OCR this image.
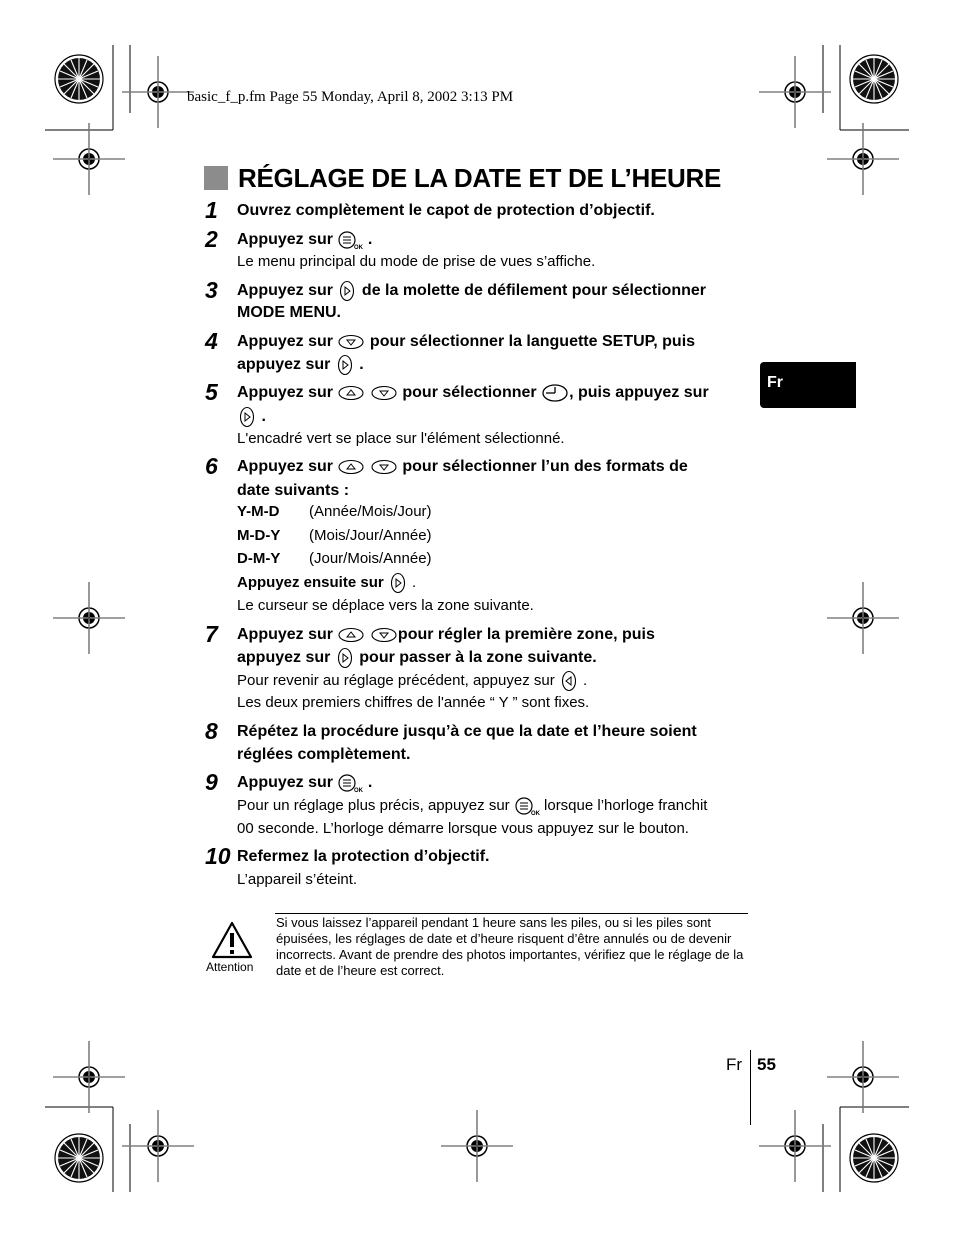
basic_f_p.fm Page 55 Monday, April 8, 2002 3:13 PM
RÉGLAGE DE LA DATE ET DE L’HEURE
Fr
1	Ouvrez complètement le capot de protection d’objectif.
2	Appuyez sur	OK .
Le menu principal du mode de prise de vues s’affiche.
3	Appuyez sur de la molette de défilement pour sélectionner
MODE MENU.
4	Appuyez sur pour sélectionner la languette SETUP, puis
appuyez sur .
5	Appuyez sur	pour sélectionner , puis appuyez sur
.
L'encadré vert se place sur l'élément sélectionné.
6	Appuyez sur	pour sélectionner l’un des formats de
date suivants :
Y-M-D (Année/Mois/Jour)
M-D-Y (Mois/Jour/Année)
D-M-Y (Jour/Mois/Année)
Appuyez ensuite sur .
Le curseur se déplace vers la zone suivante.
7	Appuyez sur	pour régler la première zone, puis
appuyez sur pour passer à la zone suivante.
Pour revenir au réglage précédent, appuyez sur .
Les deux premiers chiffres de l'année “ Y ” sont fixes.
8	Répétez la procédure jusqu’à ce que la date et l’heure soient
réglées complètement.
9	Appuyez sur	OK .
Pour un réglage plus précis, appuyez sur
OK
lorsque l’horloge franchit
00 seconde. L’horloge démarre lorsque vous appuyez sur le bouton.
10 Refermez la protection d’objectif.
L’appareil s’éteint.
Attention
Si vous laissez l’appareil pendant 1 heure sans les piles, ou si les piles sont épuisées, les réglages de date et d’heure risquent d’être annulés ou de devenir incorrects. Avant de prendre des photos importantes, vérifiez que le réglage de la date et de l’heure est correct.
Fr 55
